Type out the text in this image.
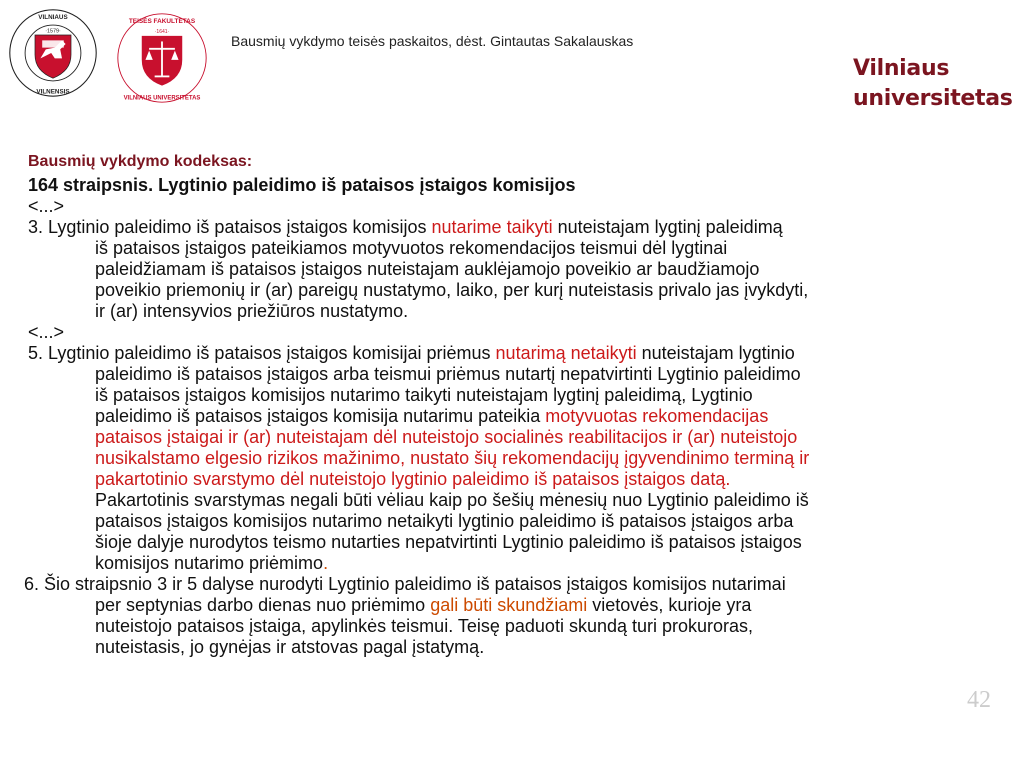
VILNIAUS
VILNENSIS
·1579·
TEISĖS FAKULTETAS
VILNIAUS UNIVERSITETAS
·1641·
Bausmių vykdymo teisės paskaitos, dėst. Gintautas Sakalauskas
Vilniaus
universitetas
Bausmių vykdymo kodeksas:
164 straipsnis. Lygtinio paleidimo iš pataisos įstaigos komisijos
<...>
3. Lygtinio paleidimo iš pataisos įstaigos komisijos nutarime taikyti nuteistajam lygtinį paleidimą
iš pataisos įstaigos pateikiamos motyvuotos rekomendacijos teismui dėl lygtinai
paleidžiamam iš pataisos įstaigos nuteistajam auklėjamojo poveikio ar baudžiamojo
poveikio priemonių ir (ar) pareigų nustatymo, laiko, per kurį nuteistasis privalo jas įvykdyti,
ir (ar) intensyvios priežiūros nustatymo.
<...>
5. Lygtinio paleidimo iš pataisos įstaigos komisijai priėmus nutarimą netaikyti nuteistajam lygtinio
paleidimo iš pataisos įstaigos arba teismui priėmus nutartį nepatvirtinti Lygtinio paleidimo
iš pataisos įstaigos komisijos nutarimo taikyti nuteistajam lygtinį paleidimą, Lygtinio
paleidimo iš pataisos įstaigos komisija nutarimu pateikia motyvuotas rekomendacijas
pataisos įstaigai ir (ar) nuteistajam dėl nuteistojo socialinės reabilitacijos ir (ar) nuteistojo
nusikalstamo elgesio rizikos mažinimo, nustato šių rekomendacijų įgyvendinimo terminą ir
pakartotinio svarstymo dėl nuteistojo lygtinio paleidimo iš pataisos įstaigos datą.
Pakartotinis svarstymas negali būti vėliau kaip po šešių mėnesių nuo Lygtinio paleidimo iš
pataisos įstaigos komisijos nutarimo netaikyti lygtinio paleidimo iš pataisos įstaigos arba
šioje dalyje nurodytos teismo nutarties nepatvirtinti Lygtinio paleidimo iš pataisos įstaigos
komisijos nutarimo priėmimo.
6. Šio straipsnio 3 ir 5 dalyse nurodyti Lygtinio paleidimo iš pataisos įstaigos komisijos nutarimai
per septynias darbo dienas nuo priėmimo gali būti skundžiami vietovės, kurioje yra
nuteistojo pataisos įstaiga, apylinkės teismui. Teisę paduoti skundą turi prokuroras,
nuteistasis, jo gynėjas ir atstovas pagal įstatymą.
42
